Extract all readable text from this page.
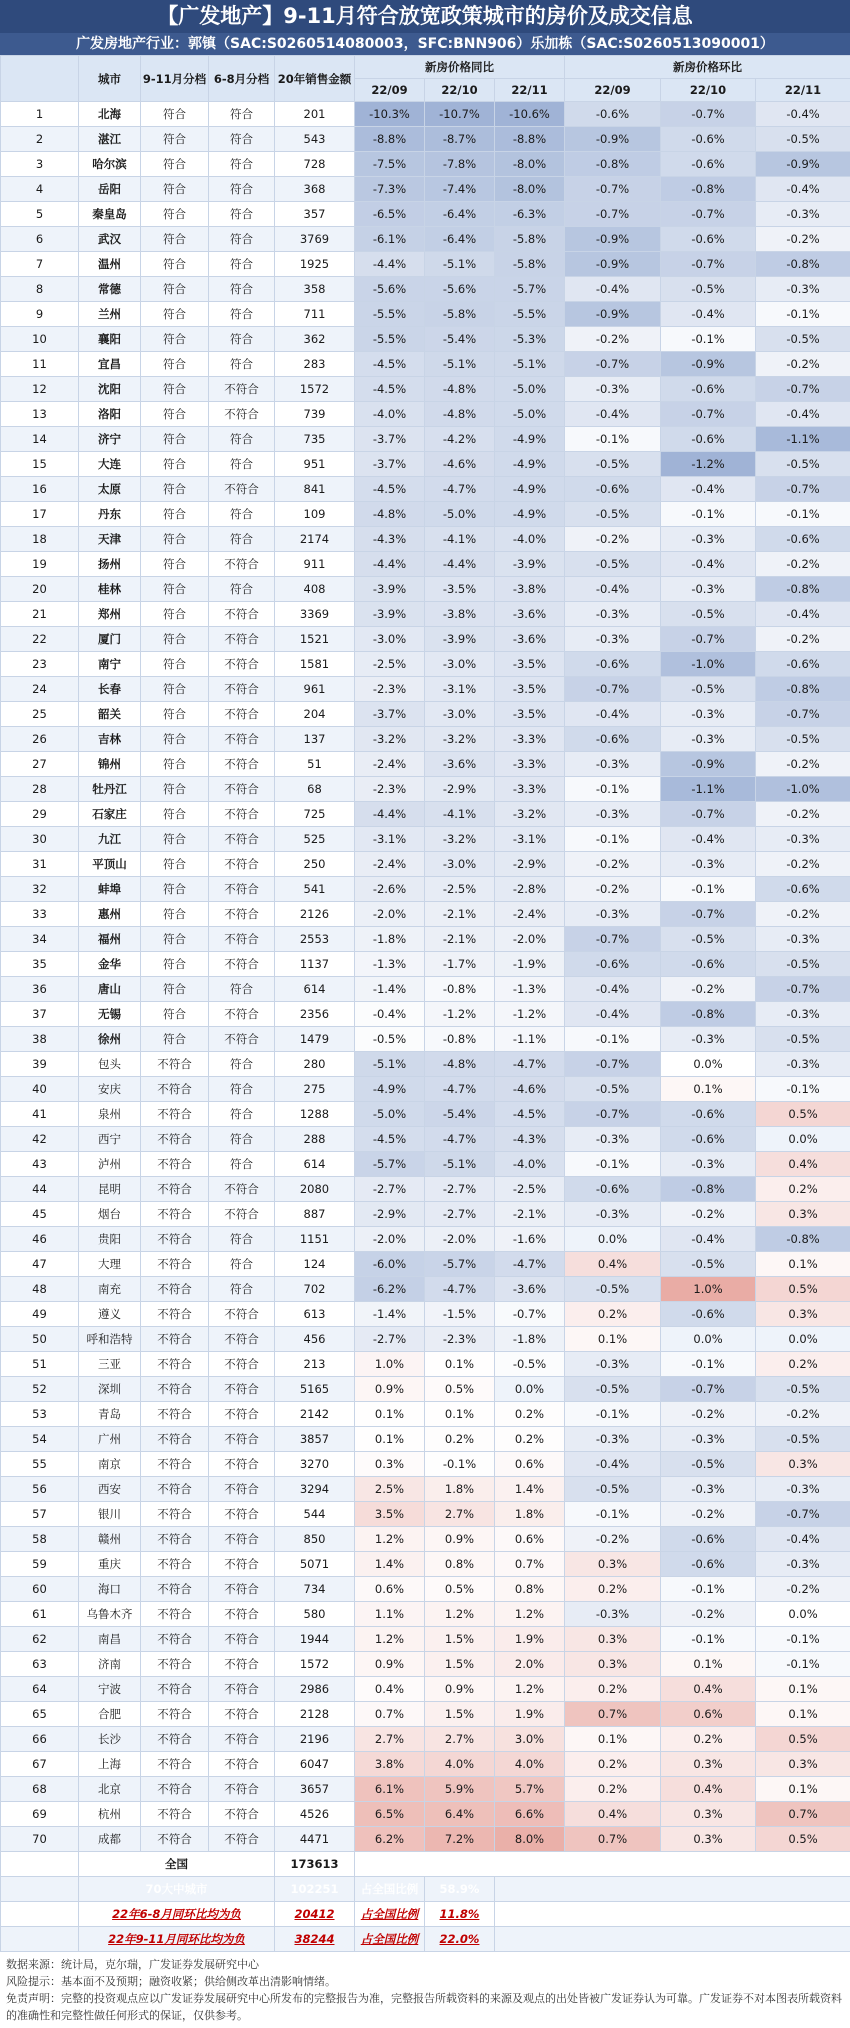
【广发地产】9-11月符合放宽政策城市的房价及成交信息
广发房地产行业：郭镇（SAC:S0260514080003，SFC:BNN906）乐加栋（SAC:S0260513090001）
	城市	9-11月分档	6-8月分档	20年销售金额	新房价格同比			新房价格环比		
					22/09	22/10	22/11	22/09	22/10	22/11
1	北海	符合	符合	201	-10.3%	-10.7%	-10.6%	-0.6%	-0.7%	-0.4%
2	湛江	符合	符合	543	-8.8%	-8.7%	-8.8%	-0.9%	-0.6%	-0.5%
3	哈尔滨	符合	符合	728	-7.5%	-7.8%	-8.0%	-0.8%	-0.6%	-0.9%
4	岳阳	符合	符合	368	-7.3%	-7.4%	-8.0%	-0.7%	-0.8%	-0.4%
5	秦皇岛	符合	符合	357	-6.5%	-6.4%	-6.3%	-0.7%	-0.7%	-0.3%
6	武汉	符合	符合	3769	-6.1%	-6.4%	-5.8%	-0.9%	-0.6%	-0.2%
7	温州	符合	符合	1925	-4.4%	-5.1%	-5.8%	-0.9%	-0.7%	-0.8%
8	常德	符合	符合	358	-5.6%	-5.6%	-5.7%	-0.4%	-0.5%	-0.3%
9	兰州	符合	符合	711	-5.5%	-5.8%	-5.5%	-0.9%	-0.4%	-0.1%
10	襄阳	符合	符合	362	-5.5%	-5.4%	-5.3%	-0.2%	-0.1%	-0.5%
11	宜昌	符合	符合	283	-4.5%	-5.1%	-5.1%	-0.7%	-0.9%	-0.2%
12	沈阳	符合	不符合	1572	-4.5%	-4.8%	-5.0%	-0.3%	-0.6%	-0.7%
13	洛阳	符合	不符合	739	-4.0%	-4.8%	-5.0%	-0.4%	-0.7%	-0.4%
14	济宁	符合	符合	735	-3.7%	-4.2%	-4.9%	-0.1%	-0.6%	-1.1%
15	大连	符合	符合	951	-3.7%	-4.6%	-4.9%	-0.5%	-1.2%	-0.5%
16	太原	符合	不符合	841	-4.5%	-4.7%	-4.9%	-0.6%	-0.4%	-0.7%
17	丹东	符合	符合	109	-4.8%	-5.0%	-4.9%	-0.5%	-0.1%	-0.1%
18	天津	符合	符合	2174	-4.3%	-4.1%	-4.0%	-0.2%	-0.3%	-0.6%
19	扬州	符合	不符合	911	-4.4%	-4.4%	-3.9%	-0.5%	-0.4%	-0.2%
20	桂林	符合	符合	408	-3.9%	-3.5%	-3.8%	-0.4%	-0.3%	-0.8%
21	郑州	符合	不符合	3369	-3.9%	-3.8%	-3.6%	-0.3%	-0.5%	-0.4%
22	厦门	符合	不符合	1521	-3.0%	-3.9%	-3.6%	-0.3%	-0.7%	-0.2%
23	南宁	符合	不符合	1581	-2.5%	-3.0%	-3.5%	-0.6%	-1.0%	-0.6%
24	长春	符合	不符合	961	-2.3%	-3.1%	-3.5%	-0.7%	-0.5%	-0.8%
25	韶关	符合	不符合	204	-3.7%	-3.0%	-3.5%	-0.4%	-0.3%	-0.7%
26	吉林	符合	不符合	137	-3.2%	-3.2%	-3.3%	-0.6%	-0.3%	-0.5%
27	锦州	符合	不符合	51	-2.4%	-3.6%	-3.3%	-0.3%	-0.9%	-0.2%
28	牡丹江	符合	不符合	68	-2.3%	-2.9%	-3.3%	-0.1%	-1.1%	-1.0%
29	石家庄	符合	不符合	725	-4.4%	-4.1%	-3.2%	-0.3%	-0.7%	-0.2%
30	九江	符合	不符合	525	-3.1%	-3.2%	-3.1%	-0.1%	-0.4%	-0.3%
31	平顶山	符合	不符合	250	-2.4%	-3.0%	-2.9%	-0.2%	-0.3%	-0.2%
32	蚌埠	符合	不符合	541	-2.6%	-2.5%	-2.8%	-0.2%	-0.1%	-0.6%
33	惠州	符合	不符合	2126	-2.0%	-2.1%	-2.4%	-0.3%	-0.7%	-0.2%
34	福州	符合	不符合	2553	-1.8%	-2.1%	-2.0%	-0.7%	-0.5%	-0.3%
35	金华	符合	不符合	1137	-1.3%	-1.7%	-1.9%	-0.6%	-0.6%	-0.5%
36	唐山	符合	符合	614	-1.4%	-0.8%	-1.3%	-0.4%	-0.2%	-0.7%
37	无锡	符合	不符合	2356	-0.4%	-1.2%	-1.2%	-0.4%	-0.8%	-0.3%
38	徐州	符合	不符合	1479	-0.5%	-0.8%	-1.1%	-0.1%	-0.3%	-0.5%
39	包头	不符合	符合	280	-5.1%	-4.8%	-4.7%	-0.7%	0.0%	-0.3%
40	安庆	不符合	符合	275	-4.9%	-4.7%	-4.6%	-0.5%	0.1%	-0.1%
41	泉州	不符合	符合	1288	-5.0%	-5.4%	-4.5%	-0.7%	-0.6%	0.5%
42	西宁	不符合	符合	288	-4.5%	-4.7%	-4.3%	-0.3%	-0.6%	0.0%
43	泸州	不符合	符合	614	-5.7%	-5.1%	-4.0%	-0.1%	-0.3%	0.4%
44	昆明	不符合	不符合	2080	-2.7%	-2.7%	-2.5%	-0.6%	-0.8%	0.2%
45	烟台	不符合	不符合	887	-2.9%	-2.7%	-2.1%	-0.3%	-0.2%	0.3%
46	贵阳	不符合	符合	1151	-2.0%	-2.0%	-1.6%	0.0%	-0.4%	-0.8%
47	大理	不符合	符合	124	-6.0%	-5.7%	-4.7%	0.4%	-0.5%	0.1%
48	南充	不符合	符合	702	-6.2%	-4.7%	-3.6%	-0.5%	1.0%	0.5%
49	遵义	不符合	不符合	613	-1.4%	-1.5%	-0.7%	0.2%	-0.6%	0.3%
50	呼和浩特	不符合	不符合	456	-2.7%	-2.3%	-1.8%	0.1%	0.0%	0.0%
51	三亚	不符合	不符合	213	1.0%	0.1%	-0.5%	-0.3%	-0.1%	0.2%
52	深圳	不符合	不符合	5165	0.9%	0.5%	0.0%	-0.5%	-0.7%	-0.5%
53	青岛	不符合	不符合	2142	0.1%	0.1%	0.2%	-0.1%	-0.2%	-0.2%
54	广州	不符合	不符合	3857	0.1%	0.2%	0.2%	-0.3%	-0.3%	-0.5%
55	南京	不符合	不符合	3270	0.3%	-0.1%	0.6%	-0.4%	-0.5%	0.3%
56	西安	不符合	不符合	3294	2.5%	1.8%	1.4%	-0.5%	-0.3%	-0.3%
57	银川	不符合	不符合	544	3.5%	2.7%	1.8%	-0.1%	-0.2%	-0.7%
58	赣州	不符合	不符合	850	1.2%	0.9%	0.6%	-0.2%	-0.6%	-0.4%
59	重庆	不符合	不符合	5071	1.4%	0.8%	0.7%	0.3%	-0.6%	-0.3%
60	海口	不符合	不符合	734	0.6%	0.5%	0.8%	0.2%	-0.1%	-0.2%
61	乌鲁木齐	不符合	不符合	580	1.1%	1.2%	1.2%	-0.3%	-0.2%	0.0%
62	南昌	不符合	不符合	1944	1.2%	1.5%	1.9%	0.3%	-0.1%	-0.1%
63	济南	不符合	不符合	1572	0.9%	1.5%	2.0%	0.3%	0.1%	-0.1%
64	宁波	不符合	不符合	2986	0.4%	0.9%	1.2%	0.2%	0.4%	0.1%
65	合肥	不符合	不符合	2128	0.7%	1.5%	1.9%	0.7%	0.6%	0.1%
66	长沙	不符合	不符合	2196	2.7%	2.7%	3.0%	0.1%	0.2%	0.5%
67	上海	不符合	不符合	6047	3.8%	4.0%	4.0%	0.2%	0.3%	0.3%
68	北京	不符合	不符合	3657	6.1%	5.9%	5.7%	0.2%	0.4%	0.1%
69	杭州	不符合	不符合	4526	6.5%	6.4%	6.6%	0.4%	0.3%	0.7%
70	成都	不符合	不符合	4471	6.2%	7.2%	8.0%	0.7%	0.3%	0.5%
	全国			173613						
	70大中城市			102251	占全国比例	58.9%				
	22年6-8月同环比均为负			20412	占全国比例	11.8%				
	22年9-11月同环比均为负			38244	占全国比例	22.0%				
数据来源：统计局，克尔瑞，广发证券发展研究中心
风险提示：基本面不及预期；融资收紧；供给侧改革出清影响情绪。
免责声明：完整的投资观点应以广发证券发展研究中心所发布的完整报告为准，完整报告所载资料的来源及观点的出处皆被广发证券认为可靠。广发证券不对本图表所载资料的准确性和完整性做任何形式的保证，仅供参考。
